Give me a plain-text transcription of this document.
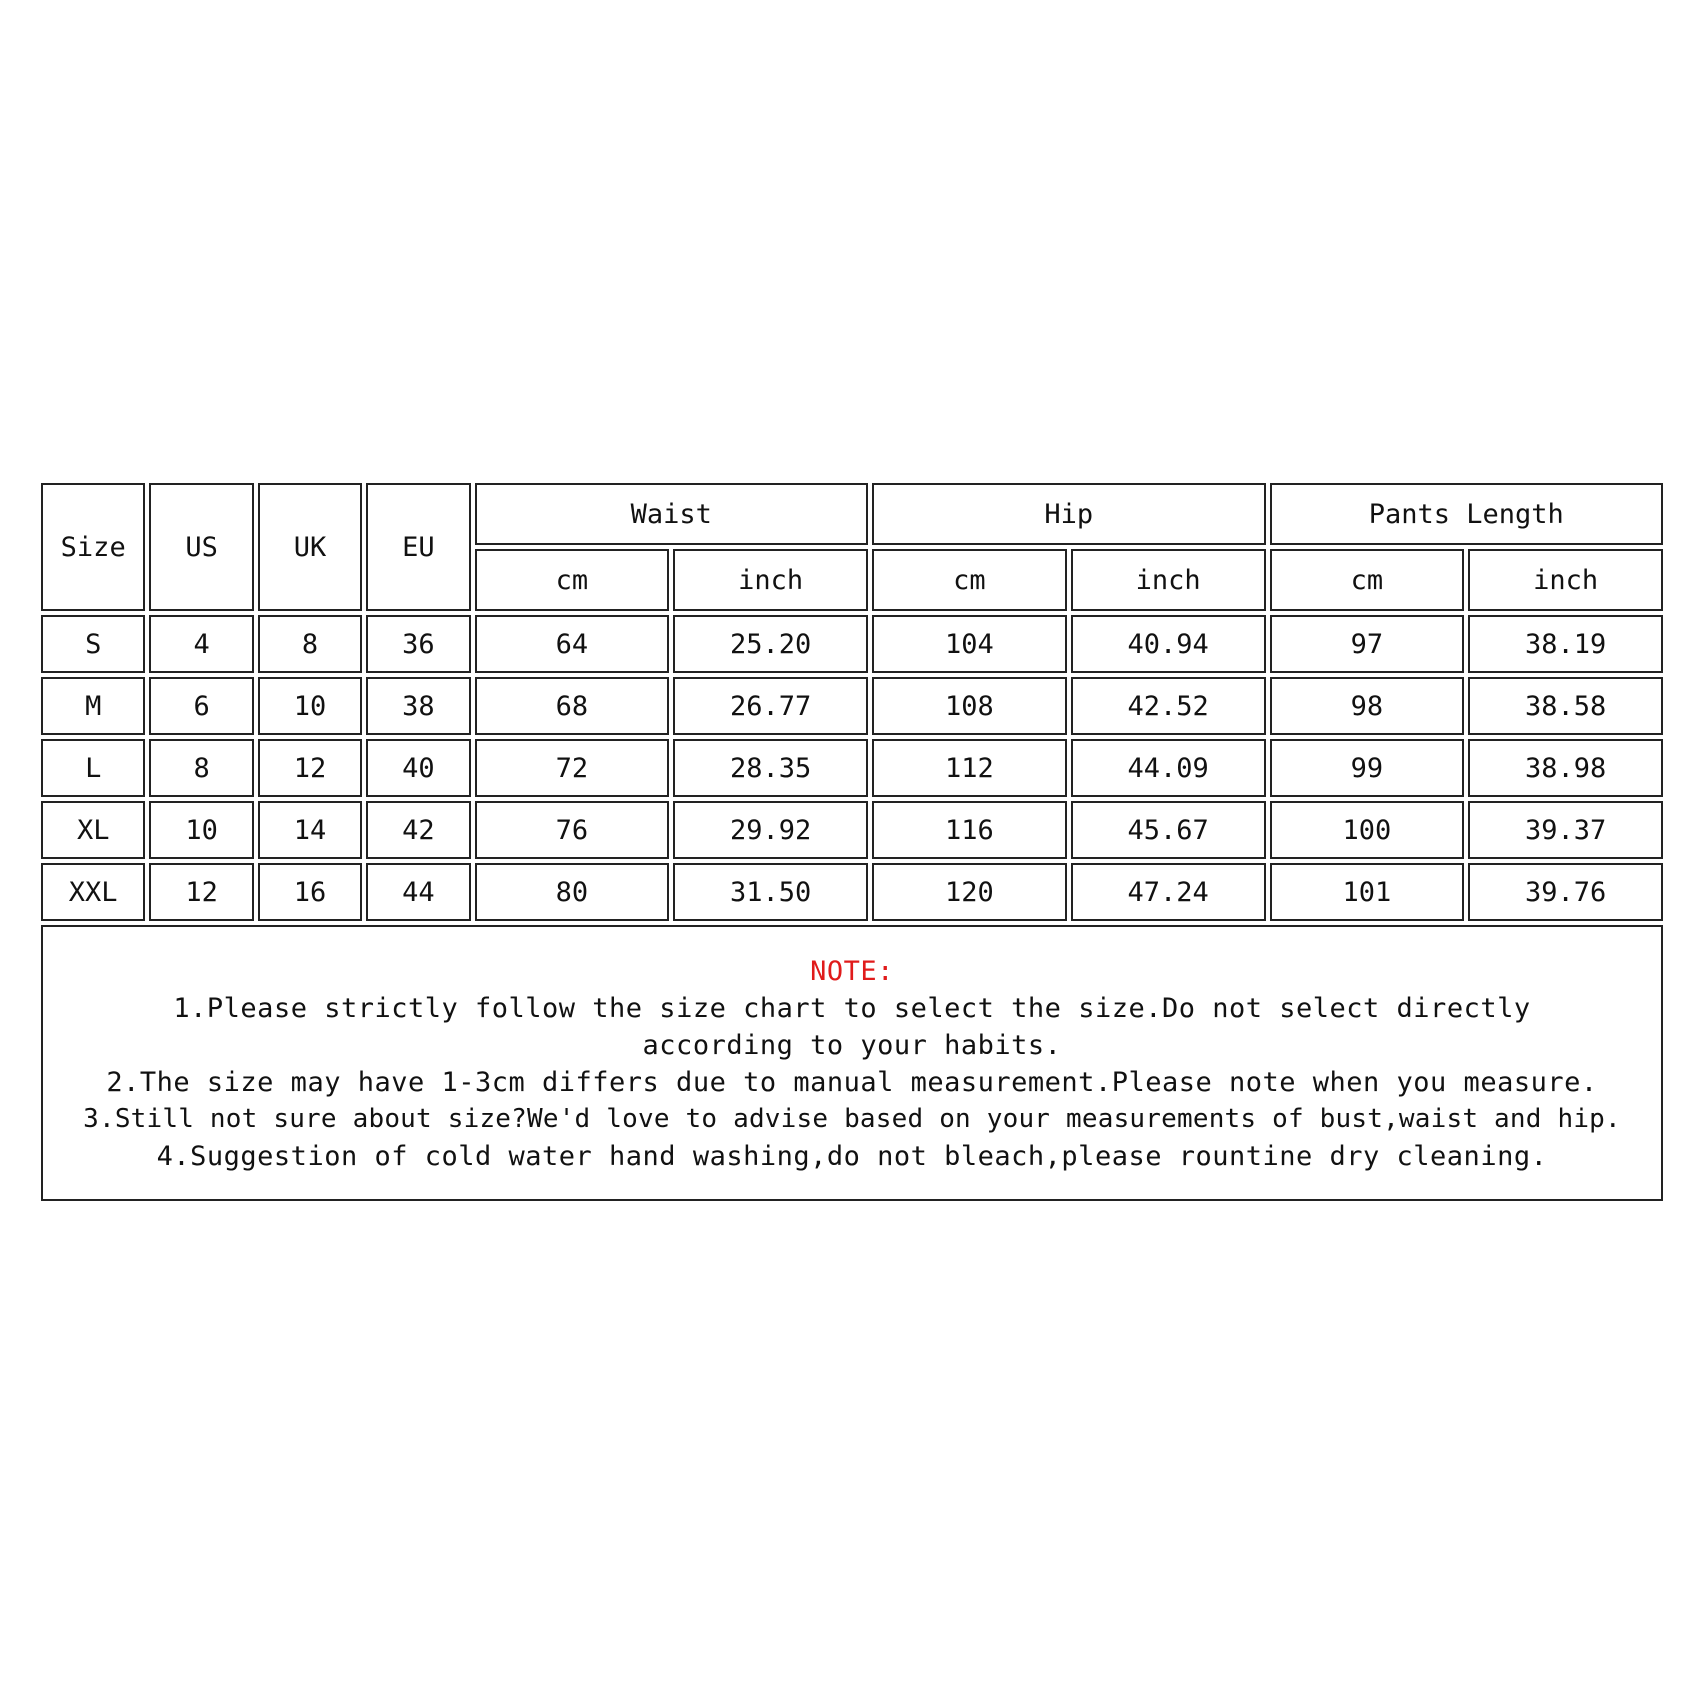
Size	US	UK	EU	Waist		Hip		Pants Length	
				cm	inch	cm	inch	cm	inch
S	4	8	36	64	25.20	104	40.94	97	38.19
M	6	10	38	68	26.77	108	42.52	98	38.58
L	8	12	40	72	28.35	112	44.09	99	38.98
XL	10	14	42	76	29.92	116	45.67	100	39.37
XXL	12	16	44	80	31.50	120	47.24	101	39.76
NOTE:
1.Please strictly follow the size chart to select the size.Do not select directly according to your habits.
2.The size may have 1-3cm differs due to manual measurement.Please note when you measure.
3.Still not sure about size?We'd love to advise based on your measurements of bust,waist and hip.
4.Suggestion of cold water hand washing,do not bleach,please rountine dry cleaning.
